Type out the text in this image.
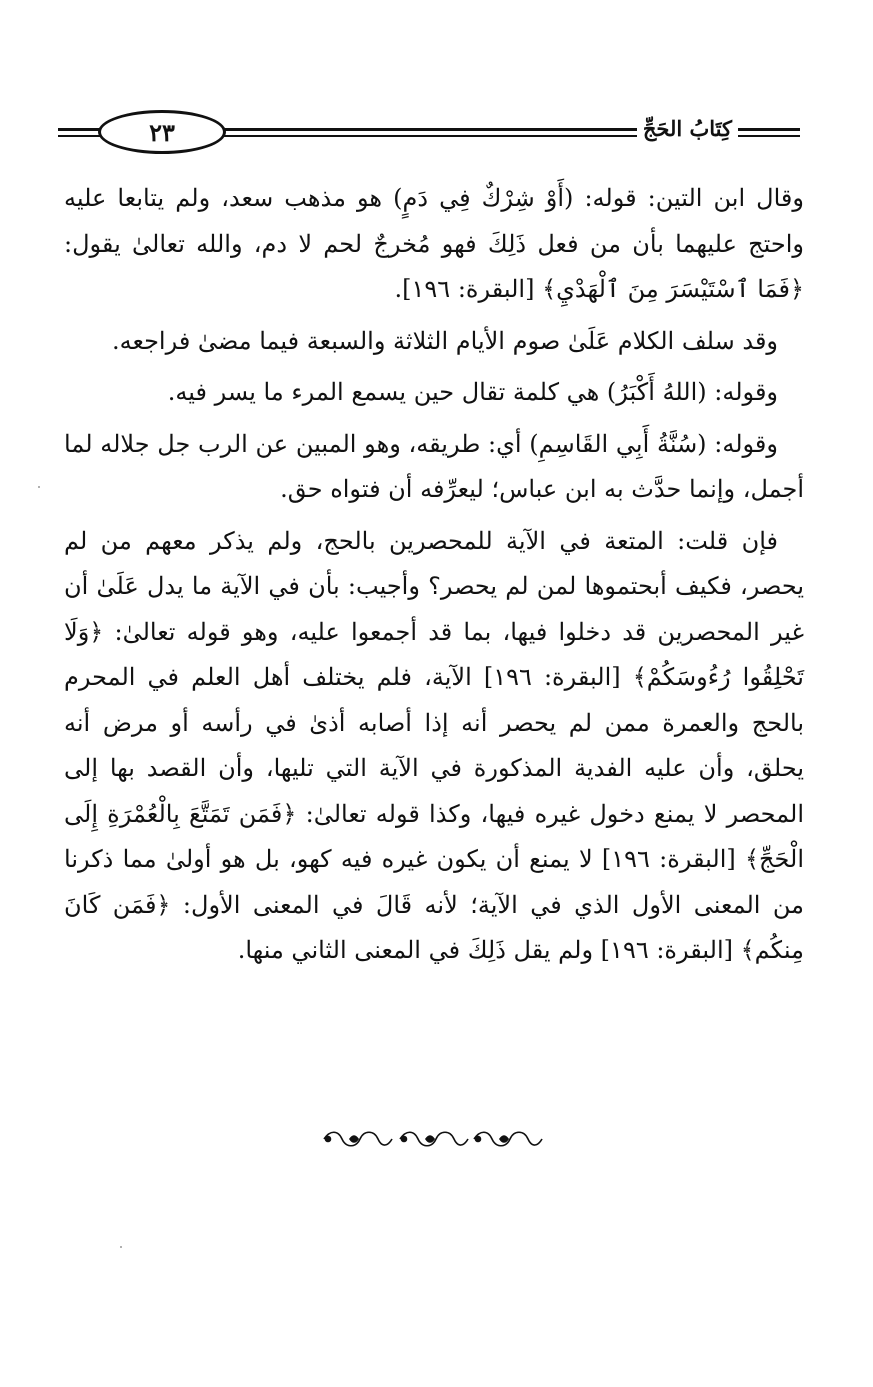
٢٣	كِتَابُ الحَجِّ

وقال ابن التين: قوله: (أَوْ شِرْكٌ فِي دَمٍ) هو مذهب سعد، ولم يتابعا عليه واحتج عليهما بأن من فعل ذَلِكَ فهو مُخرجٌ لحم لا دم، والله تعالىٰ يقول: ﴿فَمَا ٱسْتَيْسَرَ مِنَ ٱلْهَدْيِ﴾ [البقرة: ١٩٦].

وقد سلف الكلام عَلَىٰ صوم الأيام الثلاثة والسبعة فيما مضىٰ فراجعه.

وقوله: (اللهُ أَكْبَرُ) هي كلمة تقال حين يسمع المرء ما يسر فيه.

وقوله: (سُنَّةُ أَبِي القَاسِمِ) أي: طريقه، وهو المبين عن الرب جل جلاله لما أجمل، وإنما حدَّث به ابن عباس؛ ليعرِّفه أن فتواه حق.

فإن قلت: المتعة في الآية للمحصرين بالحج، ولم يذكر معهم من لم يحصر، فكيف أبحتموها لمن لم يحصر؟ وأجيب: بأن في الآية ما يدل عَلَىٰ أن غير المحصرين قد دخلوا فيها، بما قد أجمعوا عليه، وهو قوله تعالىٰ: ﴿وَلَا تَحْلِقُوا رُءُوسَكُمْ﴾ [البقرة: ١٩٦] الآية، فلم يختلف أهل العلم في المحرم بالحج والعمرة ممن لم يحصر أنه إذا أصابه أذىٰ في رأسه أو مرض أنه يحلق، وأن عليه الفدية المذكورة في الآية التي تليها، وأن القصد بها إلى المحصر لا يمنع دخول غيره فيها، وكذا قوله تعالىٰ: ﴿فَمَن تَمَتَّعَ بِالْعُمْرَةِ إِلَى الْحَجِّ﴾ [البقرة: ١٩٦] لا يمنع أن يكون غيره فيه كهو، بل هو أولىٰ مما ذكرنا من المعنى الأول الذي في الآية؛ لأنه قَالَ في المعنى الأول: ﴿فَمَن كَانَ مِنكُم﴾ [البقرة: ١٩٦] ولم يقل ذَلِكَ في المعنى الثاني منها.
